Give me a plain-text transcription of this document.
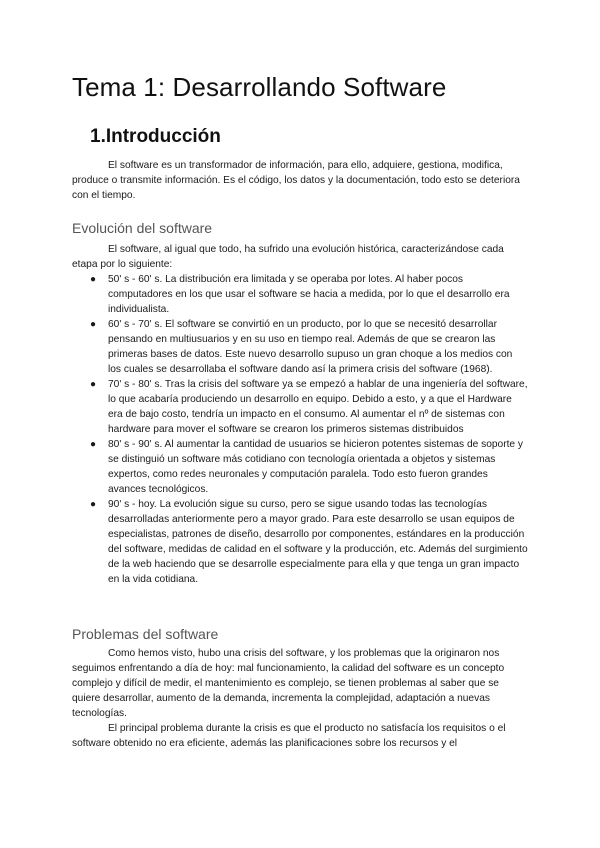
Tema 1: Desarrollando Software
1.Introducción

El software es un transformador de información, para ello, adquiere, gestiona, modifica, produce o transmite información. Es el código, los datos y la documentación, todo esto se deteriora con el tiempo.

Evolución del software

El software, al igual que todo, ha sufrido una evolución histórica, caracterizándose cada etapa por lo siguiente:

● 50' s - 60' s. La distribución era limitada y se operaba por lotes. Al haber pocos computadores en los que usar el software se hacia a medida, por lo que el desarrollo era individualista.
● 60' s - 70' s. El software se convirtió en un producto, por lo que se necesitó desarrollar pensando en multiusuarios y en su uso en tiempo real. Además de que se crearon las primeras bases de datos. Este nuevo desarrollo supuso un gran choque a los medios con los cuales se desarrollaba el software dando así la primera crisis del software (1968).
● 70' s - 80' s. Tras la crisis del software ya se empezó a hablar de una ingeniería del software, lo que acabaría produciendo un desarrollo en equipo. Debido a esto, y a que el Hardware era de bajo costo, tendría un impacto en el consumo. Al aumentar el nº de sistemas con hardware para mover el software se crearon los primeros sistemas distribuidos
● 80' s - 90' s. Al aumentar la cantidad de usuarios se hicieron potentes sistemas de soporte y se distinguió un software más cotidiano con tecnología orientada a objetos y sistemas expertos, como redes neuronales y computación paralela. Todo esto fueron grandes avances tecnológicos.
● 90' s - hoy. La evolución sigue su curso, pero se sigue usando todas las tecnologías desarrolladas anteriormente pero a mayor grado. Para este desarrollo se usan equipos de especialistas, patrones de diseño, desarrollo por componentes, estándares en la producción del software, medidas de calidad en el software y la producción, etc. Además del surgimiento de la web haciendo que se desarrolle especialmente para ella y que tenga un gran impacto en la vida cotidiana.
Problemas del software

Como hemos visto, hubo una crisis del software, y los problemas que la originaron nos seguimos enfrentando a día de hoy: mal funcionamiento, la calidad del software es un concepto complejo y difícil de medir, el mantenimiento es complejo, se tienen problemas al saber que se quiere desarrollar, aumento de la demanda, incrementa la complejidad, adaptación a nuevas tecnologías.

El principal problema durante la crisis es que el producto no satisfacía los requisitos o el software obtenido no era eficiente, además las planificaciones sobre los recursos y el
